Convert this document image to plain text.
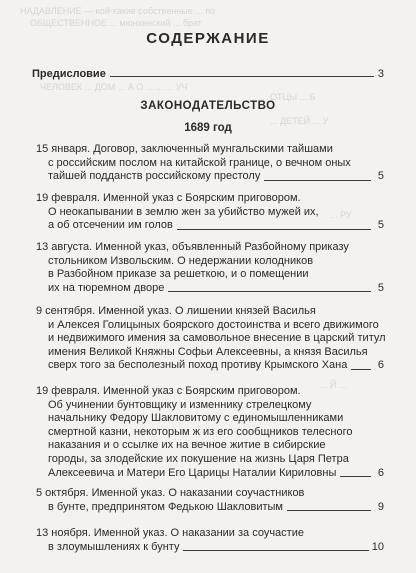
НАДАВЛЕНИЕ — кой-какие собственные ... по
ОБЩЕСТВЕННОЕ ... мюнхенский ... брат
ЧЕЛОВЕК ... ДОМ ... А О ... ... ... УЧ
... ОТЦЫ ... Б
... ДЕТЕЙ ... У
... РУ
... Й ...
СОДЕРЖАНИЕ
Предисловие	3
ЗАКОНОДАТЕЛЬСТВО
1689 год
15 января. Договор, заключенный мунгальскими тайшами
с российским послом на китайской границе, о вечном оных
тайшей подданств российскому престолу	5
19 февраля. Именной указ с Боярским приговором.
О неокапывании в землю жен за убийство мужей их,
а об отсечении им голов	5
13 августа. Именной указ, объявленный Разбойному приказу
стольником Извольским. О недержании колодников
в Разбойном приказе за решеткою, и о помещении
их на тюремном дворе	5
9 сентября. Именной указ. О лишении князей Василья
и Алексея Голицыных боярского достоинства и всего движимого
и недвижимого имения за самовольное внесение в царский титул
имения Великой Княжны Софьи Алексеевны, а князя Василья
сверх того за бесполезный поход противу Крымского Хана	6
19 февраля. Именной указ с Боярским приговором.
Об учинении бунтовщику и изменнику стрелецкому
начальнику Федору Шакловитому с единомышленниками
смертной казни, некоторым ж из его сообщников телесного
наказания и о ссылке их на вечное житие в сибирские
городы, за злодейские их покушение на жизнь Царя Петра
Алексеевича и Матери Его Царицы Наталии Кириловны	6
5 октября. Именной указ. О наказании соучастников
в бунте, предпринятом Федькою Шакловитым	9
13 ноября. Именной указ. О наказании за соучастие
в злоумышлениях к бунту	10
